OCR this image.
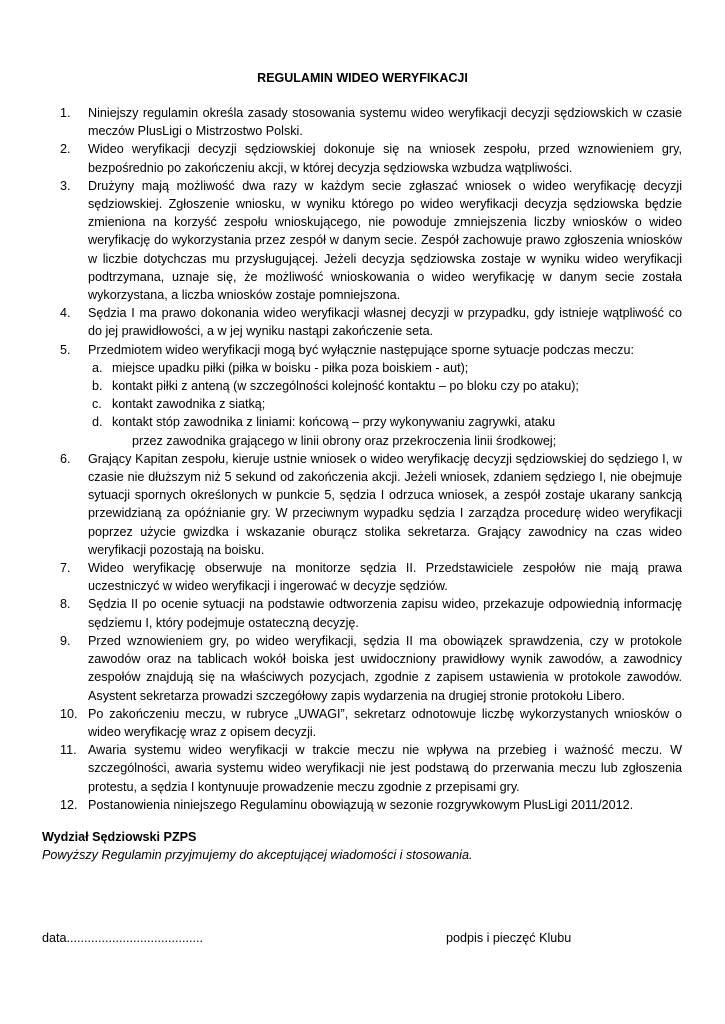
REGULAMIN WIDEO WERYFIKACJI
1. Niniejszy regulamin określa zasady stosowania systemu wideo weryfikacji decyzji sędziowskich w czasie meczów PlusLigi o Mistrzostwo Polski.
2. Wideo weryfikacji decyzji sędziowskiej dokonuje się na wniosek zespołu, przed wznowieniem gry, bezpośrednio po zakończeniu akcji, w której decyzja sędziowska wzbudza wątpliwości.
3. Drużyny mają możliwość dwa razy w każdym secie zgłaszać wniosek o wideo weryfikację decyzji sędziowskiej. Zgłoszenie wniosku, w wyniku którego po wideo weryfikacji decyzja sędziowska będzie zmieniona na korzyść zespołu wnioskującego, nie powoduje zmniejszenia liczby wniosków o wideo weryfikację do wykorzystania przez zespół w danym secie. Zespół zachowuje prawo zgłoszenia wniosków w liczbie dotychczas mu przysługującej. Jeżeli decyzja sędziowska zostaje w wyniku wideo weryfikacji podtrzymana, uznaje się, że możliwość wnioskowania o wideo weryfikację w danym secie została wykorzystana, a liczba wniosków zostaje pomniejszona.
4. Sędzia I ma prawo dokonania wideo weryfikacji własnej decyzji w przypadku, gdy istnieje wątpliwość co do jej prawidłowości, a w jej wyniku nastąpi zakończenie seta.
5. Przedmiotem wideo weryfikacji mogą być wyłącznie następujące sporne sytuacje podczas meczu:
a. miejsce upadku piłki (piłka w boisku - piłka poza boiskiem - aut);
b. kontakt piłki z anteną (w szczególności kolejność kontaktu – po bloku czy po ataku);
c. kontakt zawodnika z siatką;
d. kontakt stóp zawodnika z liniami: końcową – przy wykonywaniu zagrywki, ataku
przez zawodnika grającego w linii obrony oraz przekroczenia linii środkowej;
6. Grający Kapitan zespołu, kieruje ustnie wniosek o wideo weryfikację decyzji sędziowskiej do sędziego I, w czasie nie dłuższym niż 5 sekund od zakończenia akcji. Jeżeli wniosek, zdaniem sędziego I, nie obejmuje sytuacji spornych określonych w punkcie 5, sędzia I odrzuca wniosek, a zespół zostaje ukarany sankcją przewidzianą za opóźnianie gry. W przeciwnym wypadku sędzia I zarządza procedurę wideo weryfikacji poprzez użycie gwizdka i wskazanie oburącz stolika sekretarza. Grający zawodnicy na czas wideo weryfikacji pozostają na boisku.
7. Wideo weryfikację obserwuje na monitorze sędzia II. Przedstawiciele zespołów nie mają prawa uczestniczyć w wideo weryfikacji i ingerować w decyzje sędziów.
8. Sędzia II po ocenie sytuacji na podstawie odtworzenia zapisu wideo, przekazuje odpowiednią informację sędziemu I, który podejmuje ostateczną decyzję.
9. Przed wznowieniem gry, po wideo weryfikacji, sędzia II ma obowiązek sprawdzenia, czy w protokole zawodów oraz na tablicach wokół boiska jest uwidoczniony prawidłowy wynik zawodów, a zawodnicy zespołów znajdują się na właściwych pozycjach, zgodnie z zapisem ustawienia w protokole zawodów. Asystent sekretarza prowadzi szczegółowy zapis wydarzenia na drugiej stronie protokołu Libero.
10. Po zakończeniu meczu, w rubryce „UWAGI”, sekretarz odnotowuje liczbę wykorzystanych wniosków o wideo weryfikację wraz z opisem decyzji.
11. Awaria systemu wideo weryfikacji w trakcie meczu nie wpływa na przebieg i ważność meczu. W szczególności, awaria systemu wideo weryfikacji nie jest podstawą do przerwania meczu lub zgłoszenia protestu, a sędzia I kontynuuje prowadzenie meczu zgodnie z przepisami gry.
12. Postanowienia niniejszego Regulaminu obowiązują w sezonie rozgrywkowym PlusLigi 2011/2012.
Wydział Sędziowski PZPS
Powyższy Regulamin przyjmujemy do akceptującej wiadomości i stosowania.
data.......................................	podpis i pieczęć Klubu
